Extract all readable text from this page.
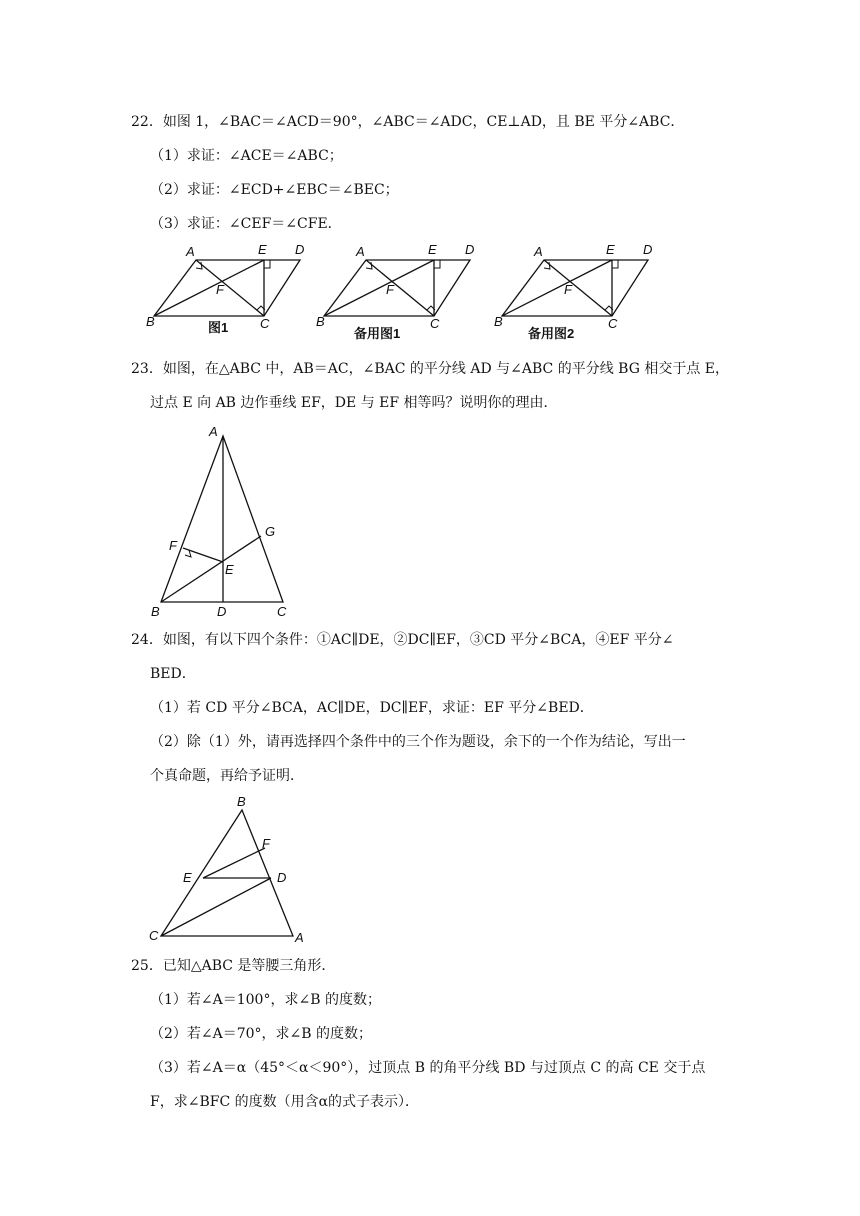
22．如图 1，∠BAC＝∠ACD＝90°，∠ABC＝∠ADC，CE⊥AD，且 BE 平分∠ABC．
（1）求证：∠ACE＝∠ABC；
（2）求证：∠ECD+∠EBC＝∠BEC；
（3）求证：∠CEF＝∠CFE．
A	E D
F
B	C
图1
A	E D
F
B	C
备用图1
A	E D
F
B	C
备用图2
23．如图，在△ABC 中，AB＝AC，∠BAC 的平分线 AD 与∠ABC 的平分线 BG 相交于点 E，
过点 E 向 AB 边作垂线 EF，DE 与 EF 相等吗？说明你的理由．
A
G
F
E
B	D	C
24．如图，有以下四个条件：①AC∥DE，②DC∥EF，③CD 平分∠BCA，④EF 平分∠
BED．
（1）若 CD 平分∠BCA，AC∥DE，DC∥EF，求证：EF 平分∠BED．
（2）除（1）外，请再选择四个条件中的三个作为题设，余下的一个作为结论，写出一
个真命题，再给予证明．
B
F
E	D
C	A
25．已知△ABC 是等腰三角形．
（1）若∠A＝100°，求∠B 的度数；
（2）若∠A＝70°，求∠B 的度数；
（3）若∠A＝α（45°＜α＜90°），过顶点 B 的角平分线 BD 与过顶点 C 的高 CE 交于点
F，求∠BFC 的度数（用含α的式子表示）．
